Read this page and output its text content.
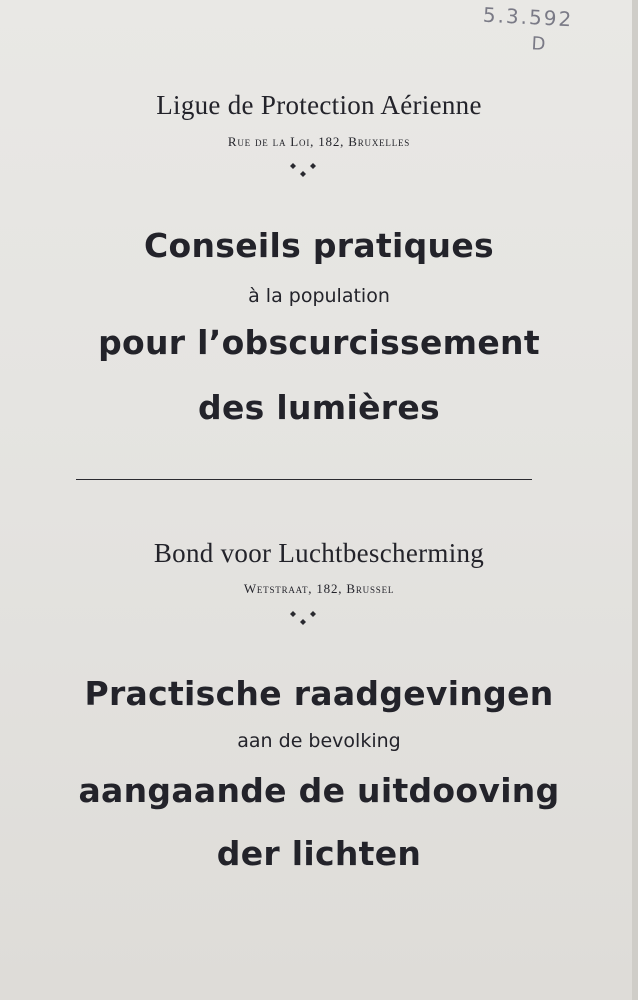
5.3.592
D
Ligue de Protection Aérienne
Rue de la Loi, 182, Bruxelles
Conseils pratiques
à la population
pour l’obscurcissement
des lumières
Bond voor Luchtbescherming
Wetstraat, 182, Brussel
Practische raadgevingen
aan de bevolking
aangaande de uitdooving
der lichten
